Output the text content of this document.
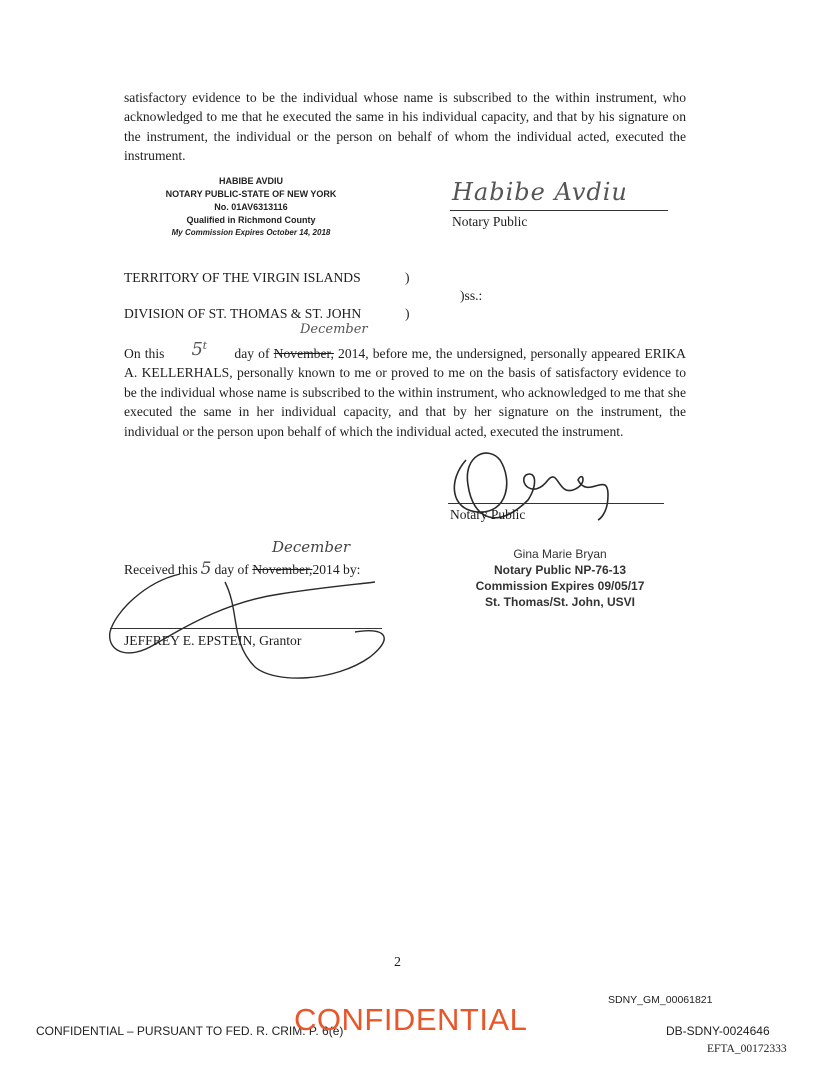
satisfactory evidence to be the individual whose name is subscribed to the within instrument, who acknowledged to me that he executed the same in his individual capacity, and that by his signature on the instrument, the individual or the person on behalf of whom the individual acted, executed the instrument.
HABIBE AVDIU
NOTARY PUBLIC-STATE OF NEW YORK
No. 01AV6313116
Qualified in Richmond County
My Commission Expires October 14, 2018
Habibe Avdiu
Notary Public
TERRITORY OF THE VIRGIN ISLANDS	)
)ss.:
DIVISION OF ST. THOMAS & ST. JOHN	)
December
On this 5ᵗ day of November, 2014, before me, the undersigned, personally appeared ERIKA A. KELLERHALS, personally known to me or proved to me on the basis of satisfactory evidence to be the individual whose name is subscribed to the within instrument, who acknowledged to me that she executed the same in her individual capacity, and that by her signature on the instrument, the individual or the person upon behalf of which the individual acted, executed the instrument.
Notary Public
Gina Marie Bryan
Notary Public NP-76-13
Commission Expires 09/05/17
St. Thomas/St. John, USVI
December
Received this 5 day of November,2014 by:
JEFFREY E. EPSTEIN, Grantor
2
SDNY_GM_00061821
CONFIDENTIAL – PURSUANT TO FED. R. CRIM. P. 6(e)
CONFIDENTIAL	DB-SDNY-0024646
EFTA_00172333
